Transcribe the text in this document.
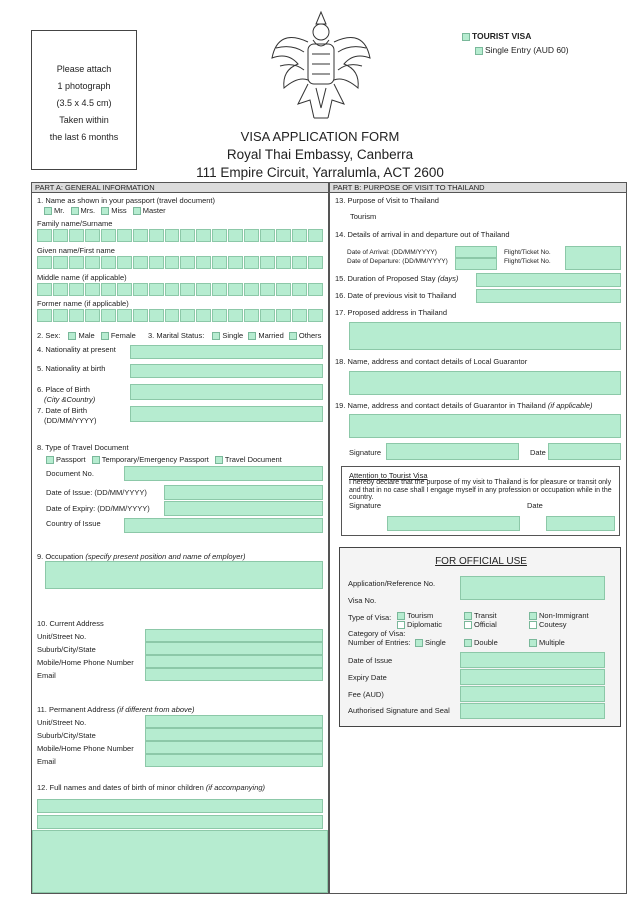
Please attach
1 photograph
(3.5 x 4.5 cm)
Taken within
the last 6 months
TOURIST VISA
Single Entry (AUD 60)
VISA APPLICATION FORM
Royal Thai Embassy, Canberra
111 Empire Circuit, Yarralumla, ACT 2600
PART A: GENERAL INFORMATION	PART B: PURPOSE OF VISIT TO THAILAND
1. Name as shown in your passport (travel document)
Mr. Mrs. Miss Master
Family name/Surname
Given name/First name
Middle name (if applicable)
Former name (if applicable)
2. Sex: Male Female 3. Marital Status: Single Married Others
4. Nationality at present
5. Nationality at birth
6. Place of Birth
(City &Country)
7. Date of Birth
(DD/MM/YYYY)
8. Type of Travel Document
Passport Temporary/Emergency Passport Travel Document
Document No.
Date of Issue: (DD/MM/YYYY)
Date of Expiry: (DD/MM/YYYY)
Country of Issue
9. Occupation (specify present position and name of employer)
10. Current Address
Unit/Street No.
Suburb/City/State
Mobile/Home Phone Number
Email
11. Permanent Address (if different from above)
Unit/Street No.
Suburb/City/State
Mobile/Home Phone Number
Email
12. Full names and dates of birth of minor children (if accompanying)
13. Purpose of Visit to Thailand
Tourism
14. Details of arrival in and departure out of Thailand
Date of Arrival: (DD/MM/YYYY)
Date of Departure: (DD/MM/YYYY)
Flight/Ticket No.
Flight/Ticket No.
15. Duration of Proposed Stay (days)
16. Date of previous visit to Thailand
17. Proposed address in Thailand
18. Name, address and contact details of Local Guarantor
19. Name, address and contact details of Guarantor in Thailand (if applicable)
Signature	Date
Attention to Tourist Visa
I hereby declare that the purpose of my visit to Thailand is for pleasure or transit only and that in no case shall I engage myself in any profession or occupation while in the country.
Signature	Date
FOR OFFICIAL USE
Application/Reference No.
Visa No.
Type of Visa:	Tourism	Transit	Non-Immigrant
Diplomatic	Official	Coutesy
Category of Visa:
Number of Entries:	Single	Double	Multiple
Date of Issue
Expiry Date
Fee (AUD)
Authorised Signature and Seal
